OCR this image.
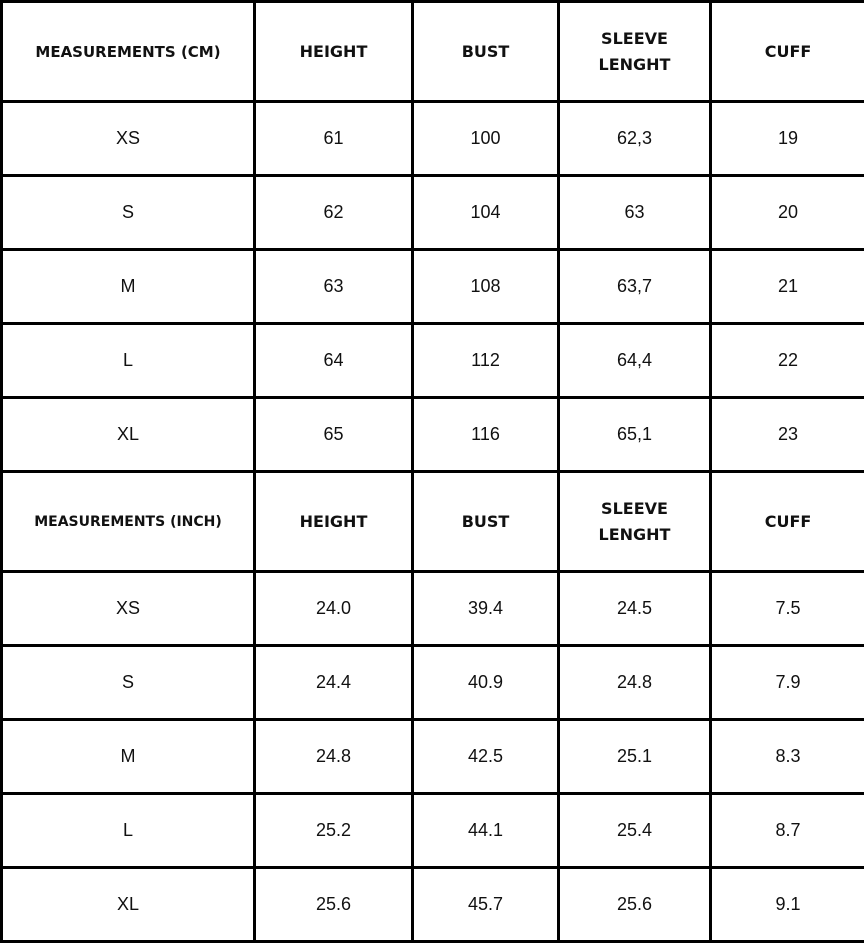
MEASUREMENTS (CM)	HEIGHT	BUST	SLEEVE LENGHT	CUFF
XS	61	100	62,3	19
S	62	104	63	20
M	63	108	63,7	21
L	64	112	64,4	22
XL	65	116	65,1	23
MEASUREMENTS (INCH)	HEIGHT	BUST	SLEEVE LENGHT	CUFF
XS	24.0	39.4	24.5	7.5
S	24.4	40.9	24.8	7.9
M	24.8	42.5	25.1	8.3
L	25.2	44.1	25.4	8.7
XL	25.6	45.7	25.6	9.1
